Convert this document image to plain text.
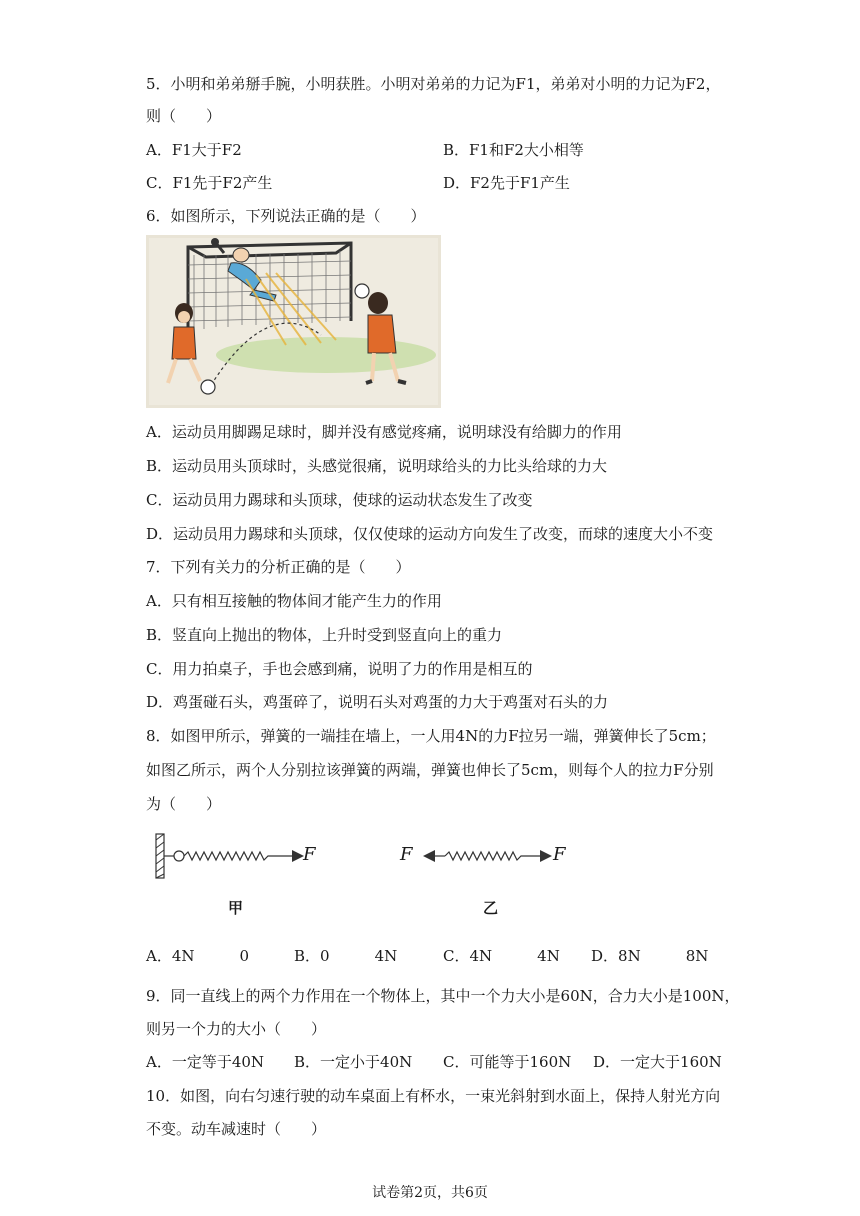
5．小明和弟弟掰手腕，小明获胜。小明对弟弟的力记为F1，弟弟对小明的力记为F2，
则（　　）
A．F1大于F2	B．F1和F2大小相等
C．F1先于F2产生	D．F2先于F1产生
6．如图所示，下列说法正确的是（　　）
A．运动员用脚踢足球时，脚并没有感觉疼痛，说明球没有给脚力的作用
B．运动员用头顶球时，头感觉很痛，说明球给头的力比头给球的力大
C．运动员用力踢球和头顶球，使球的运动状态发生了改变
D．运动员用力踢球和头顶球，仅仅使球的运动方向发生了改变，而球的速度大小不变
7．下列有关力的分析正确的是（　　）
A．只有相互接触的物体间才能产生力的作用
B．竖直向上抛出的物体，上升时受到竖直向上的重力
C．用力拍桌子，手也会感到痛，说明了力的作用是相互的
D．鸡蛋碰石头，鸡蛋碎了，说明石头对鸡蛋的力大于鸡蛋对石头的力
8．如图甲所示，弹簧的一端挂在墙上，一人用4N的力F拉另一端，弹簧伸长了5cm；
如图乙所示，两个人分别拉该弹簧的两端，弹簧也伸长了5cm，则每个人的拉力F分别
为（　　）
F	F	F
甲	乙
A．4N　　　0	B．0　　　4N	C．4N　　　4N D．8N　　　8N
9．同一直线上的两个力作用在一个物体上，其中一个力大小是60N，合力大小是100N，
则另一个力的大小（　　）
A．一定等于40N B．一定小于40N C．可能等于160N D．一定大于160N
10．如图，向右匀速行驶的动车桌面上有杯水，一束光斜射到水面上，保持人射光方向
不变。动车减速时（　　）
试卷第2页，共6页
